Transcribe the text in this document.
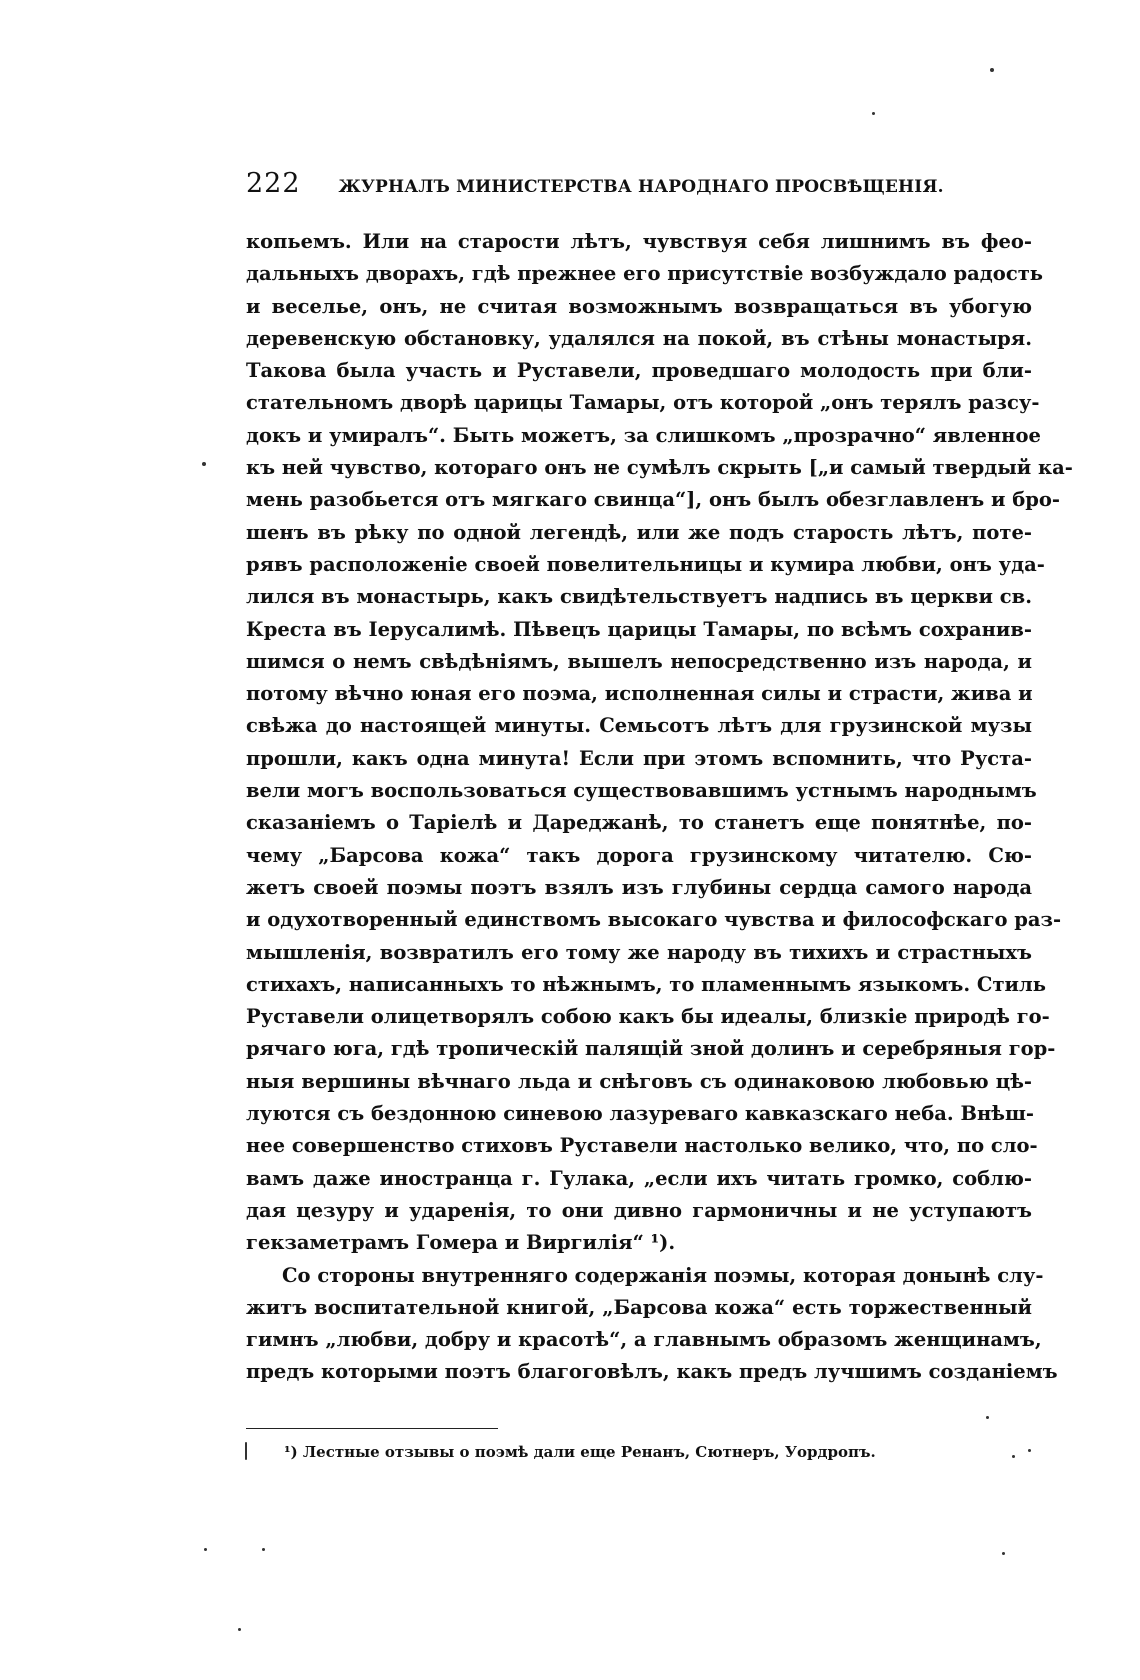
222 ЖУРНАЛЪ МИНИСТЕРСТВА НАРОДНАГО ПРОСВѢЩЕНІЯ.
копьемъ. Или на старости лѣтъ, чувствуя себя лишнимъ въ фео-
дальныхъ дворахъ, гдѣ прежнее его присутствіе возбуждало радость
и веселье, онъ, не считая возможнымъ возвращаться въ убогую
деревенскую обстановку, удалялся на покой, въ стѣны монастыря.
Такова была участь и Руставели, проведшаго молодость при бли-
стательномъ дворѣ царицы Тамары, отъ которой „онъ терялъ разсу-
докъ и умиралъ“. Быть можетъ, за слишкомъ „прозрачно“ явленное
къ ней чувство, котораго онъ не сумѣлъ скрыть [„и самый твердый ка-
мень разобьется отъ мягкаго свинца“], онъ былъ обезглавленъ и бро-
шенъ въ рѣку по одной легендѣ, или же подъ старость лѣтъ, поте-
рявъ расположеніе своей повелительницы и кумира любви, онъ уда-
лился въ монастырь, какъ свидѣтельствуетъ надпись въ церкви св.
Креста въ Іерусалимѣ. Пѣвецъ царицы Тамары, по всѣмъ сохранив-
шимся о немъ свѣдѣніямъ, вышелъ непосредственно изъ народа, и
потому вѣчно юная его поэма, исполненная силы и страсти, жива и
свѣжа до настоящей минуты. Семьсотъ лѣтъ для грузинской музы
прошли, какъ одна минута! Если при этомъ вспомнить, что Руста-
вели могъ воспользоваться существовавшимъ устнымъ народнымъ
сказаніемъ о Таріелѣ и Дареджанѣ, то станетъ еще понятнѣе, по-
чему „Барсова кожа“ такъ дорога грузинскому читателю. Сю-
жетъ своей поэмы поэтъ взялъ изъ глубины сердца самого народа
и одухотворенный единствомъ высокаго чувства и философскаго раз-
мышленія, возвратилъ его тому же народу въ тихихъ и страстныхъ
стихахъ, написанныхъ то нѣжнымъ, то пламеннымъ языкомъ. Стиль
Руставели олицетворялъ собою какъ бы идеалы, близкіе природѣ го-
рячаго юга, гдѣ тропическій палящій зной долинъ и серебряныя гор-
ныя вершины вѣчнаго льда и снѣговъ съ одинаковою любовью цѣ-
луются съ бездонною синевою лазуреваго кавказскаго неба. Внѣш-
нее совершенство стиховъ Руставели настолько велико, что, по сло-
вамъ даже иностранца г. Гулака, „если ихъ читать громко, соблю-
дая цезуру и ударенія, то они дивно гармоничны и не уступаютъ
гекзаметрамъ Гомера и Виргилія“ ¹).
Со стороны внутренняго содержанія поэмы, которая донынѣ слу-
житъ воспитательной книгой, „Барсова кожа“ есть торжественный
гимнъ „любви, добру и красотѣ“, а главнымъ образомъ женщинамъ,
предъ которыми поэтъ благоговѣлъ, какъ предъ лучшимъ созданіемъ
¹) Лестные отзывы о поэмѣ дали еще Ренанъ, Сютнеръ, Уордропъ.
